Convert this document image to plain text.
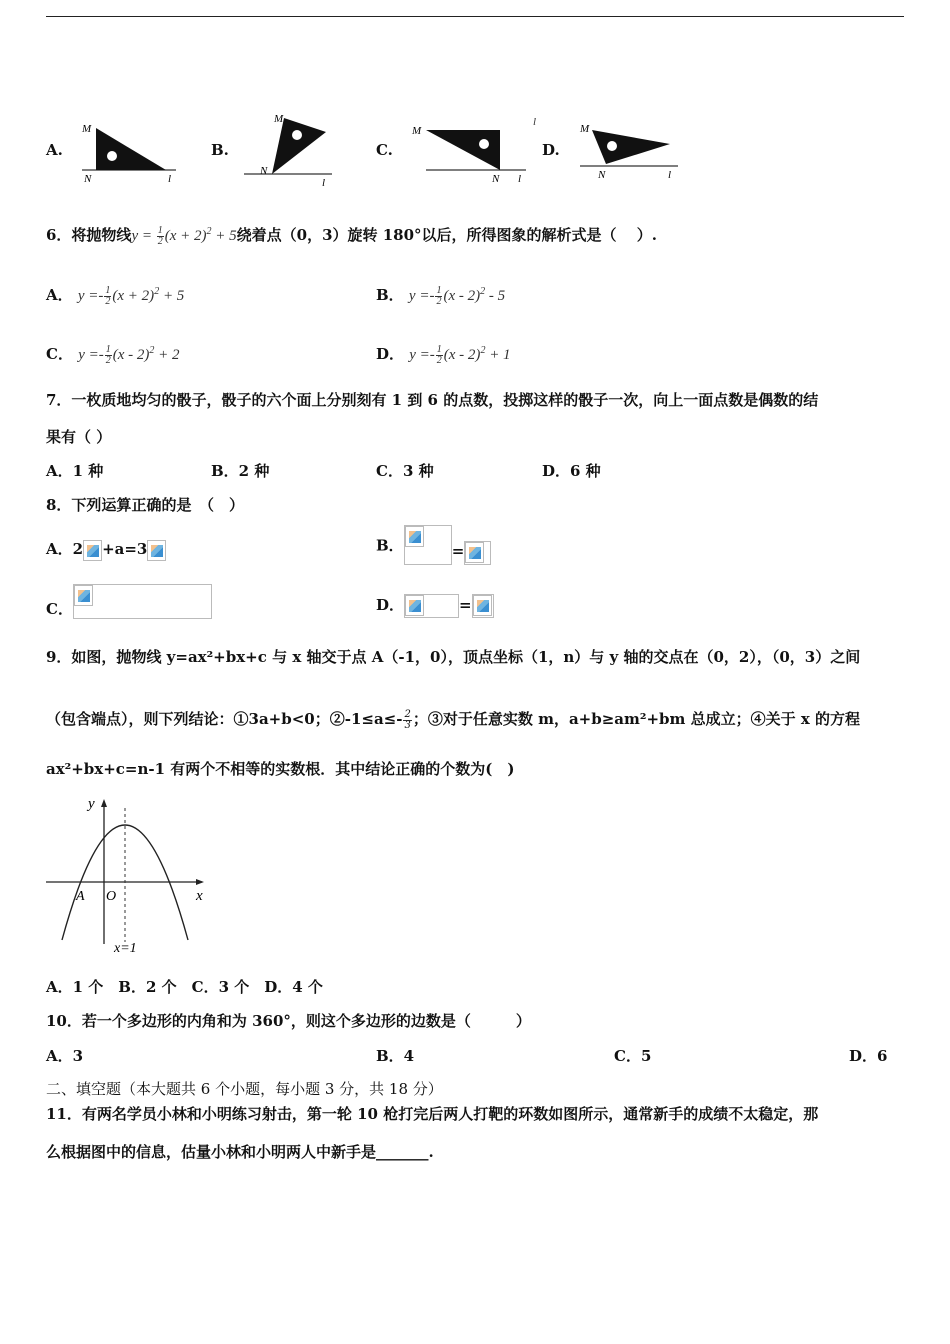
A.
M
N	l
B.
M
N
l
C.
M
N l
l
D.
M
N	l
6．将抛物线$y = \frac{1}{2} (x + 2)^2 + 5$绕着点（0，3）旋转 180°以后，所得图象的解析式是（　 ）.
A． $y =- \frac{1}{2} (x + 2)^2 + 5$	B． $y =- \frac{1}{2} (x - 2)^2 - 5$
C． $y =- \frac{1}{2} (x - 2)^2 + 2$	D． $y =- \frac{1}{2} (x - 2)^2 + 1$
7．一枚质地均匀的骰子，骰子的六个面上分别刻有 1 到 6 的点数，投掷这样的骰子一次，向上一面点数是偶数的结
果有（ ）
A．1 种	B．2 种	C．3 种	D．6 种
8．下列运算正确的是　（　）
A．2 +a=3	B．	=
C．	D．	=
9．如图，抛物线 y=ax²+bx+c 与 x 轴交于点 A（-1，0），顶点坐标（1，n）与 y 轴的交点在（0，2），（0，3）之间
（包含端点），则下列结论：①3a+b<0；②-1≤a≤- $\frac{2}{3}$ ；③对于任意实数 m，a+b≥am²+bm 总成立；④关于 x 的方程
ax²+bx+c=n-1 有两个不相等的实数根．其中结论正确的个数为(　)
y
x
A O
x=1
A．1 个　B．2 个　C．3 个　D．4 个
10．若一个多边形的内角和为 360°，则这个多边形的边数是（　　　）
A．3	B．4	C．5	D．6
二、填空题（本大题共 6 个小题，每小题 3 分，共 18 分）
11．有两名学员小林和小明练习射击，第一轮 10 枪打完后两人打靶的环数如图所示，通常新手的成绩不太稳定，那
么根据图中的信息，估量小林和小明两人中新手是_______.
